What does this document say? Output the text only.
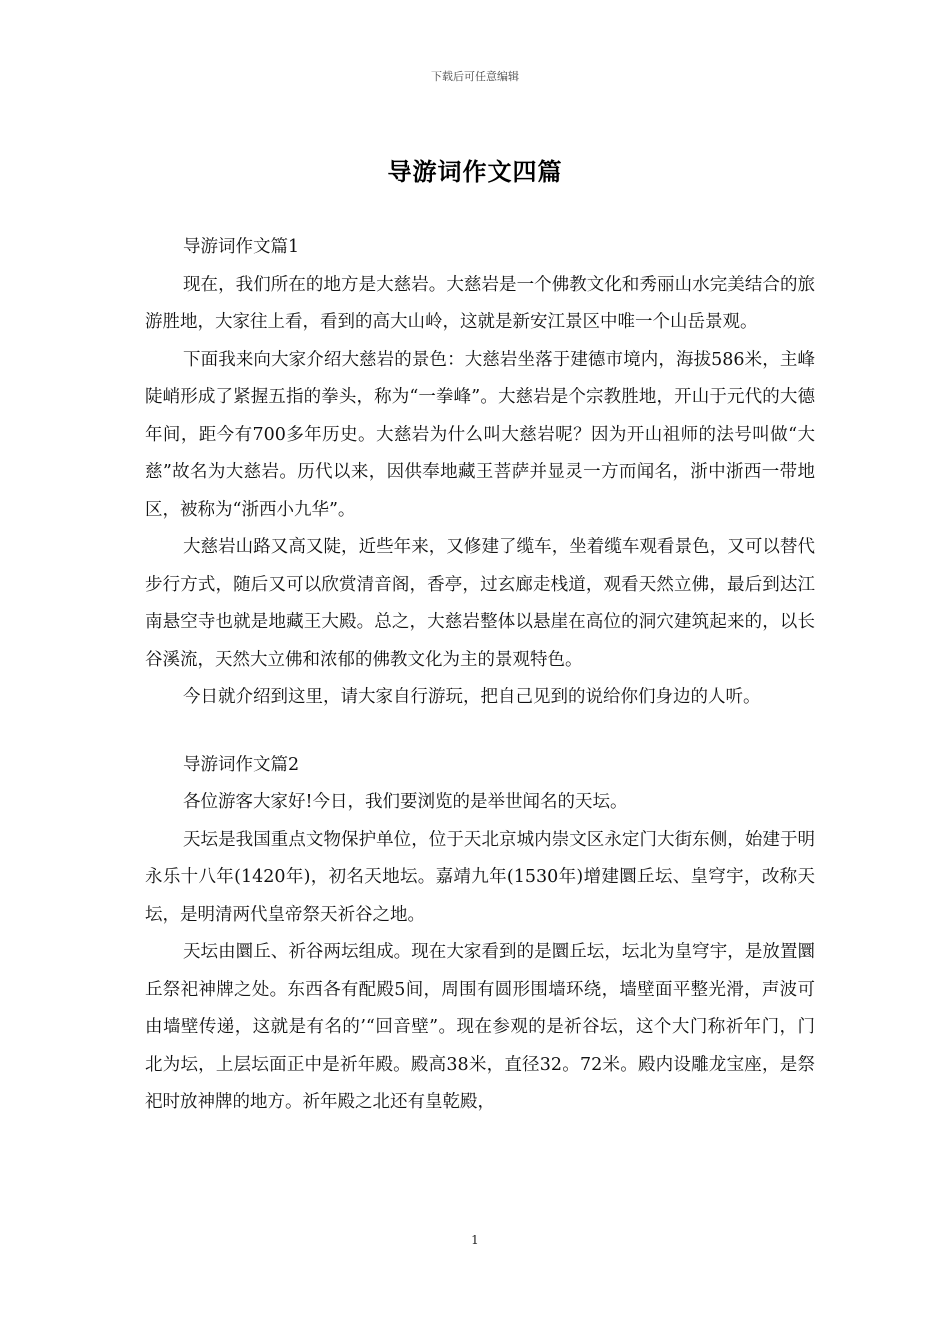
下载后可任意编辑
导游词作文四篇

导游词作文篇1

现在，我们所在的地方是大慈岩。大慈岩是一个佛教文化和秀丽山水完美结合的旅游胜地，大家往上看，看到的高大山岭，这就是新安江景区中唯一个山岳景观。

下面我来向大家介绍大慈岩的景色：大慈岩坐落于建德市境内，海拔586米，主峰陡峭形成了紧握五指的拳头，称为“一拳峰”。大慈岩是个宗教胜地，开山于元代的大德年间，距今有700多年历史。大慈岩为什么叫大慈岩呢？因为开山祖师的法号叫做“大慈”故名为大慈岩。历代以来，因供奉地藏王菩萨并显灵一方而闻名，浙中浙西一带地区，被称为“浙西小九华”。

大慈岩山路又高又陡，近些年来，又修建了缆车，坐着缆车观看景色，又可以替代步行方式，随后又可以欣赏清音阁，香亭，过玄廊走栈道，观看天然立佛，最后到达江南悬空寺也就是地藏王大殿。总之，大慈岩整体以悬崖在高位的洞穴建筑起来的，以长谷溪流，天然大立佛和浓郁的佛教文化为主的景观特色。

今日就介绍到这里，请大家自行游玩，把自己见到的说给你们身边的人听。

导游词作文篇2

各位游客大家好!今日，我们要浏览的是举世闻名的天坛。

天坛是我国重点文物保护单位，位于天北京城内崇文区永定门大街东侧，始建于明永乐十八年(1420年)，初名天地坛。嘉靖九年(1530年)增建圜丘坛、皇穹宇，改称天坛，是明清两代皇帝祭天祈谷之地。

天坛由圜丘、祈谷两坛组成。现在大家看到的是圜丘坛，坛北为皇穹宇，是放置圜丘祭祀神牌之处。东西各有配殿5间，周围有圆形围墙环绕，墙壁面平整光滑，声波可由墙壁传递，这就是有名的’“回音壁”。现在参观的是祈谷坛，这个大门称祈年门，门北为坛，上层坛面正中是祈年殿。殿高38米，直径32。72米。殿内设雕龙宝座，是祭祀时放神牌的地方。祈年殿之北还有皇乾殿，

1
